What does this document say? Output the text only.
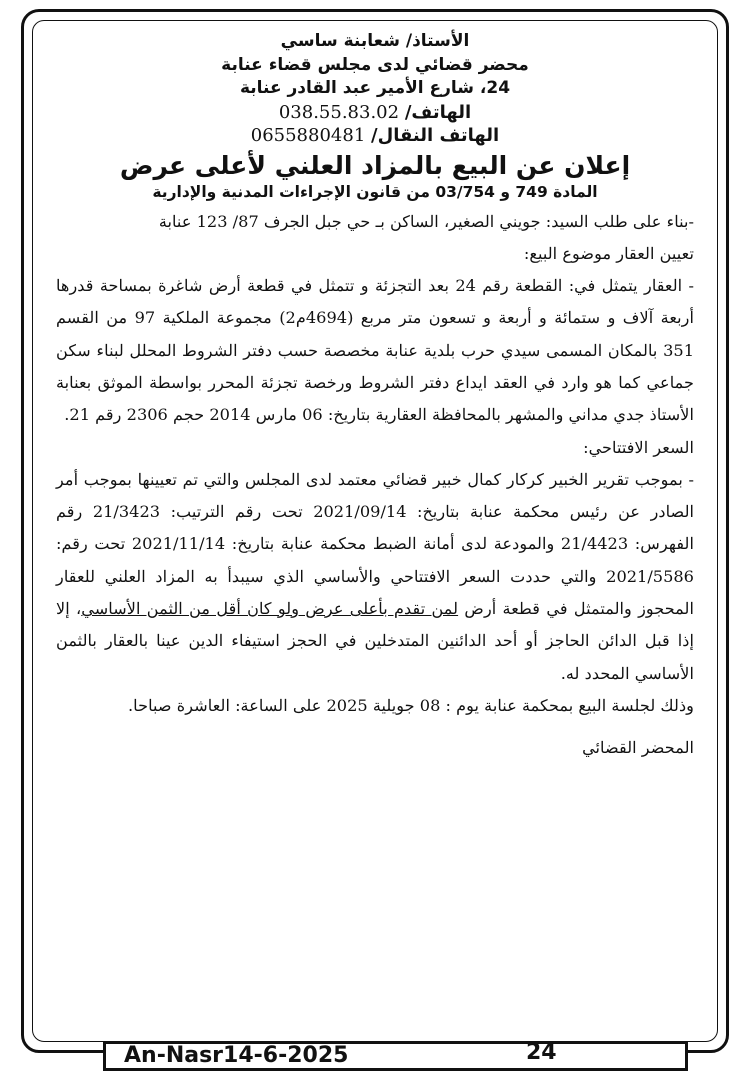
الأستاذ/ شعابنة ساسي
محضر قضائي لدى مجلس قضاء عنابة
24، شارع الأمير عبد القادر عنابة
الهاتف/ 038.55.83.02
الهاتف النقال/ 0655880481
إعلان عن البيع بالمزاد العلني لأعلى عرض
المادة 749 و 03/754 من قانون الإجراءات المدنية والإدارية

-بناء على طلب السيد: جويني الصغير، الساكن بـ حي جبل الجرف 87/ 123 عنابة

تعيين العقار موضوع البيع:

- العقار يتمثل في: القطعة رقم 24 بعد التجزئة و تتمثل في قطعة أرض شاغرة بمساحة قدرها أربعة آلاف و ستمائة و أربعة و تسعون متر مربع (4694م2) مجموعة الملكية 97 من القسم 351 بالمكان المسمى سيدي حرب بلدية عنابة مخصصة حسب دفتر الشروط المحلل لبناء سكن جماعي كما هو وارد في العقد ايداع دفتر الشروط ورخصة تجزئة المحرر بواسطة الموثق بعنابة الأستاذ جدي مداني والمشهر بالمحافظة العقارية بتاريخ: 06 مارس 2014 حجم 2306 رقم 21.

السعر الافتتاحي:

- بموجب تقرير الخبير كركار كمال خبير قضائي معتمد لدى المجلس والتي تم تعيينها بموجب أمر الصادر عن رئيس محكمة عنابة بتاريخ: 2021/09/14 تحت رقم الترتيب: 21/3423 رقم الفهرس: 21/4423 والمودعة لدى أمانة الضبط محكمة عنابة بتاريخ: 2021/11/14 تحت رقم: 2021/5586 والتي حددت السعر الافتتاحي والأساسي الذي سيبدأ به المزاد العلني للعقار المحجوز والمتمثل في قطعة أرض لمن تقدم بأعلى عرض ولو كان أقل من الثمن الأساسي، إلا إذا قبل الدائن الحاجز أو أحد الدائنين المتدخلين في الحجز استيفاء الدين عينا بالعقار بالثمن الأساسي المحدد له.

وذلك لجلسة البيع بمحكمة عنابة يوم : 08 جويلية 2025 على الساعة: العاشرة صباحا.

المحضر القضائي
An-Nasr14-6-2025	24
